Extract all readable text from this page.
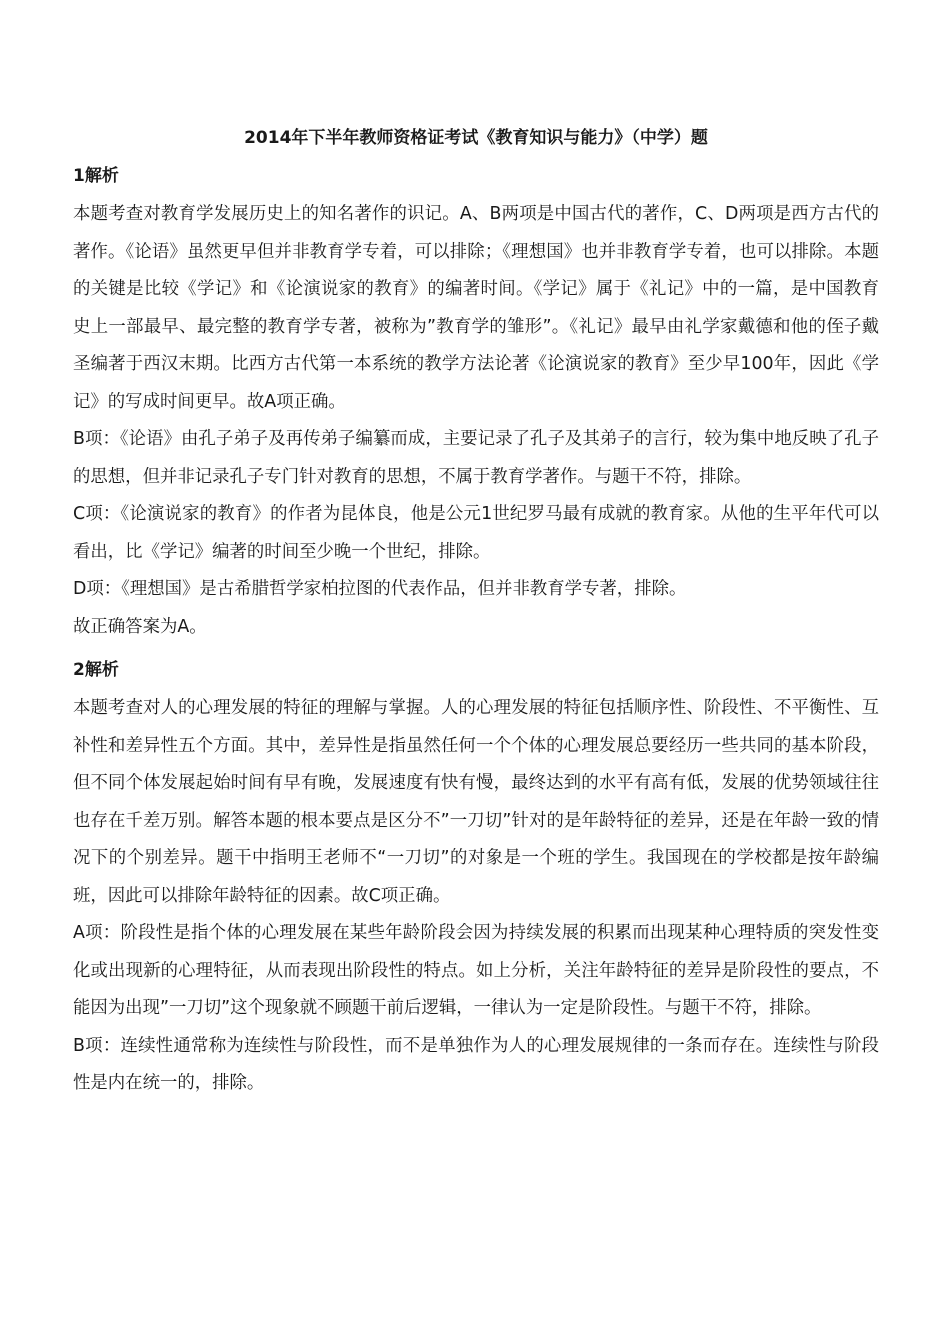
2014年下半年教师资格证考试《教育知识与能力》（中学）题
1解析

本题考查对教育学发展历史上的知名著作的识记。A、B两项是中国古代的著作，C、D两项是西方古代的著作。《论语》虽然更早但并非教育学专着，可以排除；《理想国》也并非教育学专着，也可以排除。本题的关键是比较《学记》和《论演说家的教育》的编著时间。《学记》属于《礼记》中的一篇，是中国教育史上一部最早、最完整的教育学专著，被称为”教育学的雏形”。《礼记》最早由礼学家戴德和他的侄子戴圣编著于西汉末期。比西方古代第一本系统的教学方法论著《论演说家的教育》至少早100年，因此《学记》的写成时间更早。故A项正确。

B项：《论语》由孔子弟子及再传弟子编纂而成，主要记录了孔子及其弟子的言行，较为集中地反映了孔子的思想，但并非记录孔子专门针对教育的思想，不属于教育学著作。与题干不符，排除。

C项：《论演说家的教育》的作者为昆体良，他是公元1世纪罗马最有成就的教育家。从他的生平年代可以看出，比《学记》编著的时间至少晚一个世纪，排除。

D项：《理想国》是古希腊哲学家柏拉图的代表作品，但并非教育学专著，排除。

故正确答案为A。

2解析

本题考查对人的心理发展的特征的理解与掌握。人的心理发展的特征包括顺序性、阶段性、不平衡性、互补性和差异性五个方面。其中，差异性是指虽然任何一个个体的心理发展总要经历一些共同的基本阶段，但不同个体发展起始时间有早有晚，发展速度有快有慢，最终达到的水平有高有低，发展的优势领域往往也存在千差万别。解答本题的根本要点是区分不”一刀切”针对的是年龄特征的差异，还是在年龄一致的情况下的个别差异。题干中指明王老师不“一刀切”的对象是一个班的学生。我国现在的学校都是按年龄编班，因此可以排除年龄特征的因素。故C项正确。

A项：阶段性是指个体的心理发展在某些年龄阶段会因为持续发展的积累而出现某种心理特质的突发性变化或出现新的心理特征，从而表现出阶段性的特点。如上分析，关注年龄特征的差异是阶段性的要点，不能因为出现”一刀切”这个现象就不顾题干前后逻辑，一律认为一定是阶段性。与题干不符，排除。

B项：连续性通常称为连续性与阶段性，而不是单独作为人的心理发展规律的一条而存在。连续性与阶段性是内在统一的，排除。
